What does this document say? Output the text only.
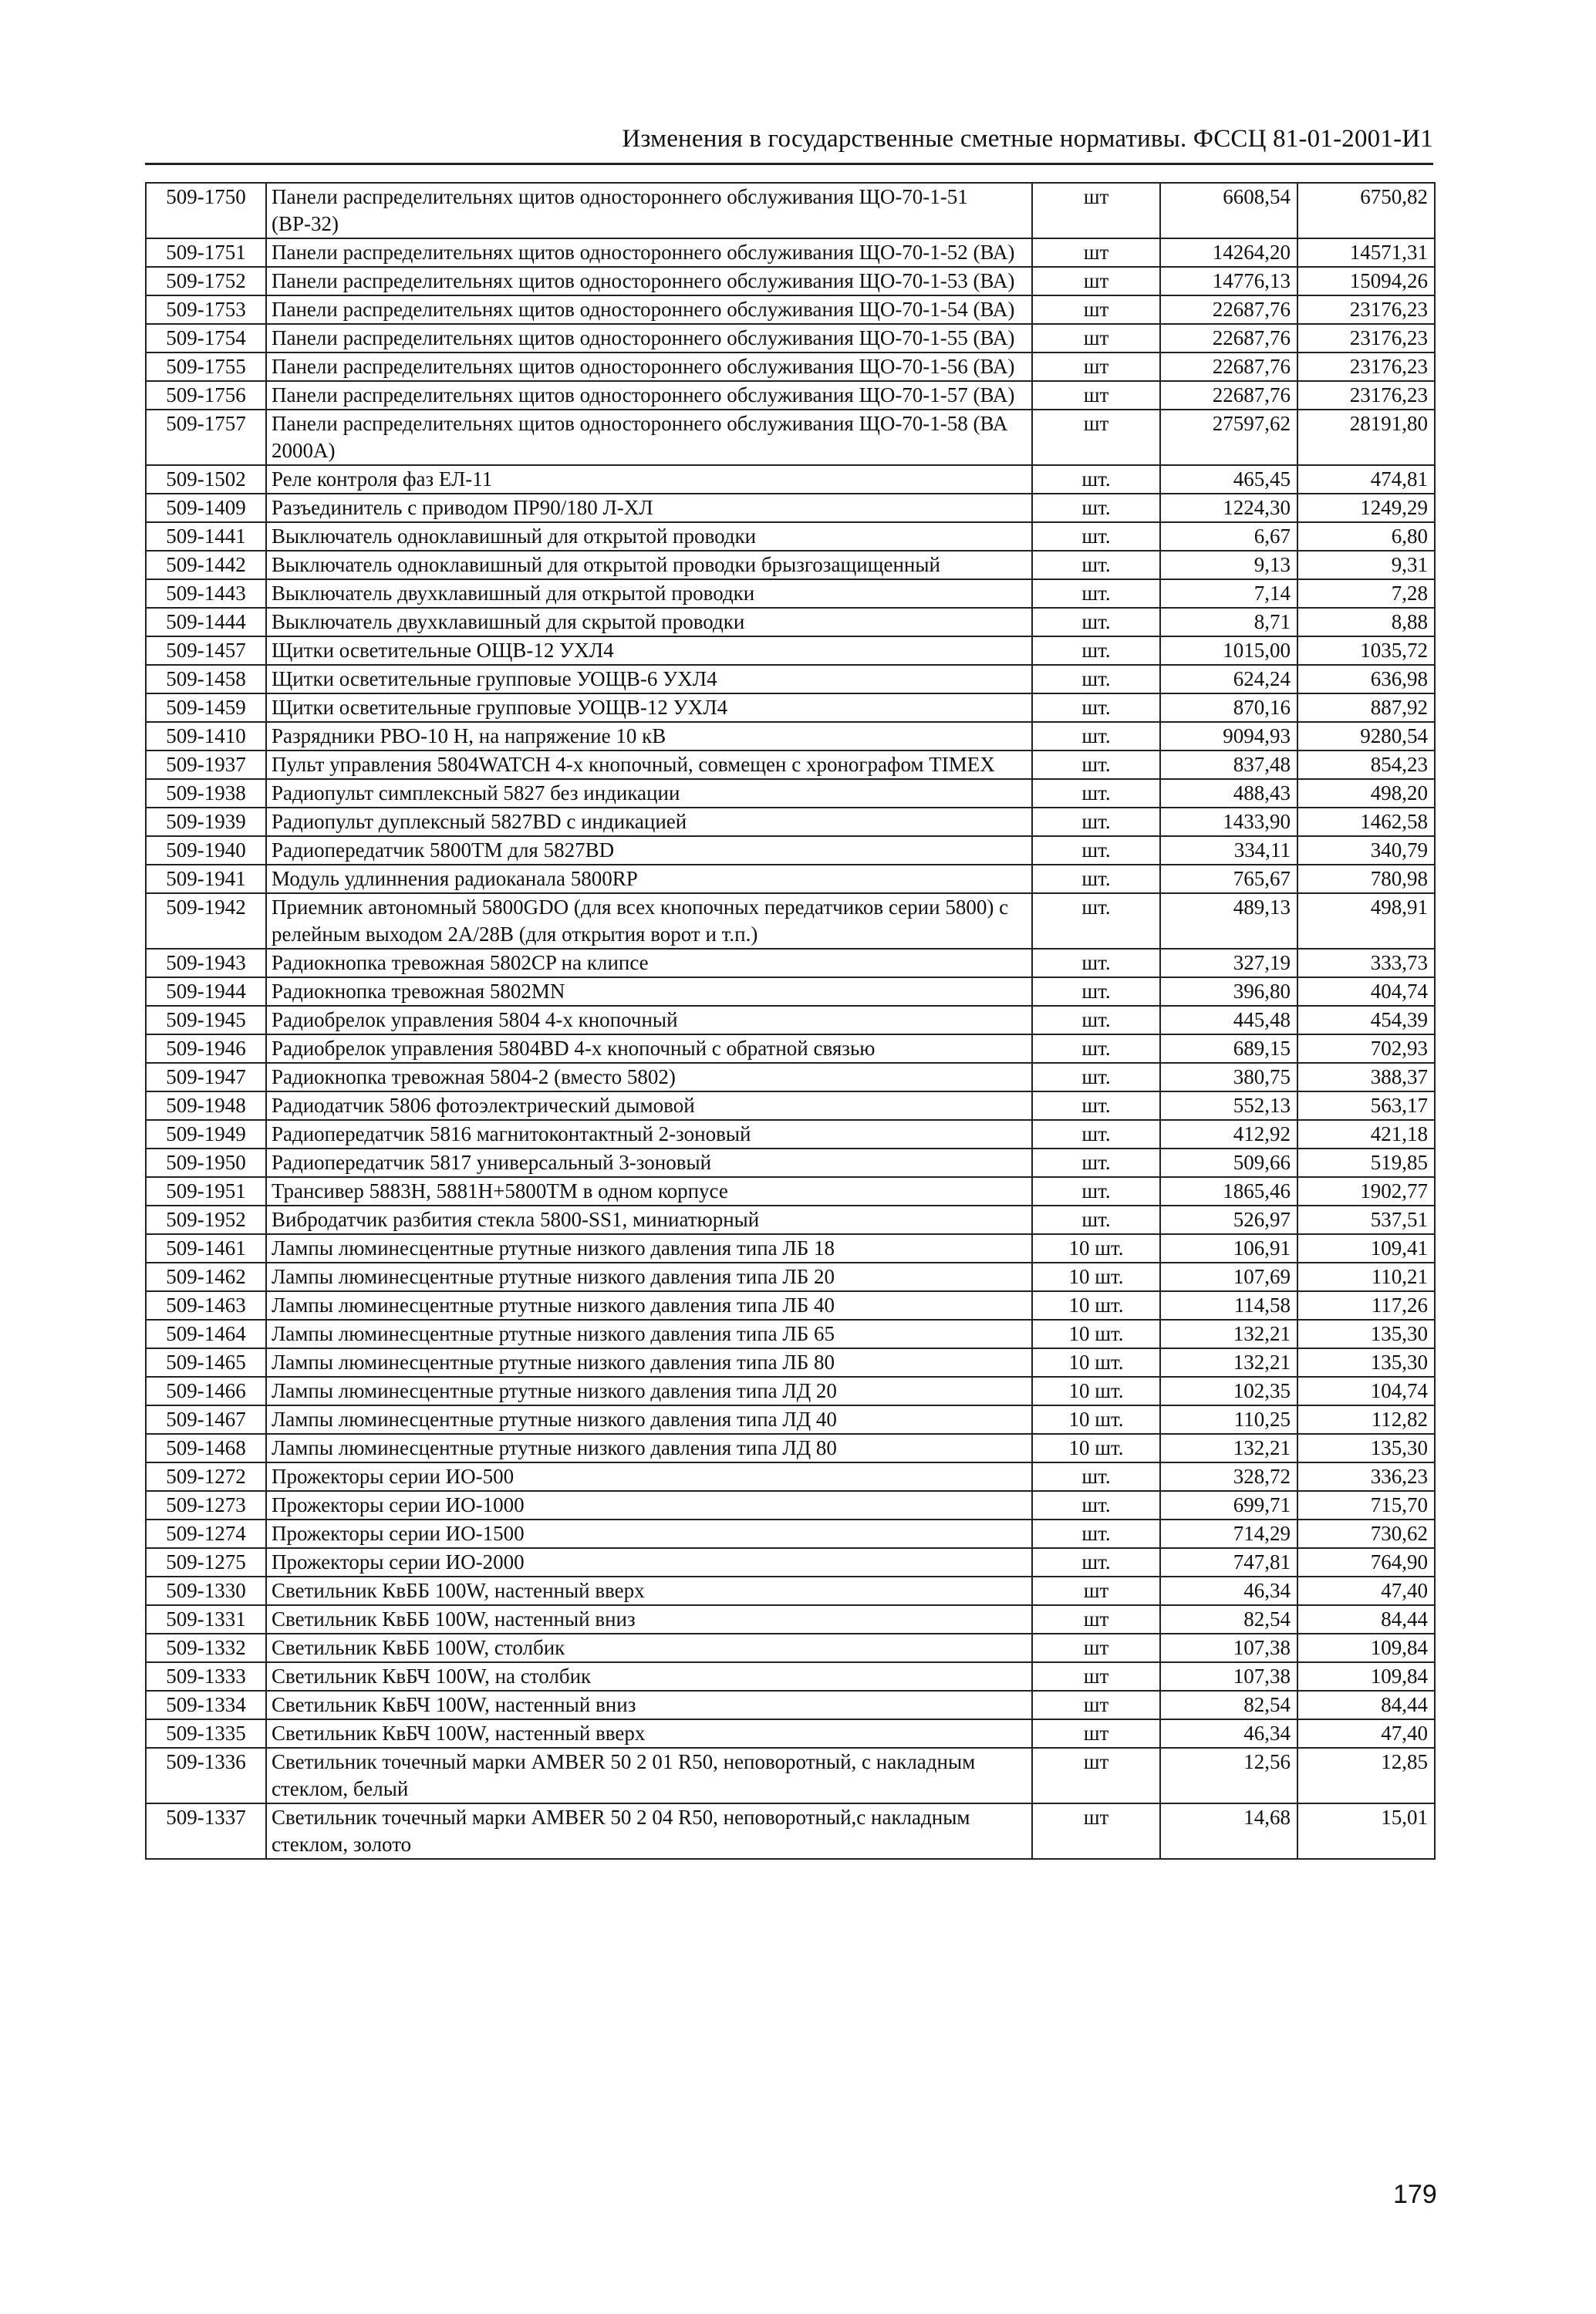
Изменения в государственные сметные нормативы. ФССЦ 81-01-2001-И1
509-1750	Панели распределительнях щитов одностороннего обслуживания ЩО-70-1-51 (ВР-32)	шт	6608,54	6750,82
509-1751	Панели распределительнях щитов одностороннего обслуживания ЩО-70-1-52 (ВА)	шт	14264,20	14571,31
509-1752	Панели распределительнях щитов одностороннего обслуживания ЩО-70-1-53 (ВА)	шт	14776,13	15094,26
509-1753	Панели распределительнях щитов одностороннего обслуживания ЩО-70-1-54 (ВА)	шт	22687,76	23176,23
509-1754	Панели распределительнях щитов одностороннего обслуживания ЩО-70-1-55 (ВА)	шт	22687,76	23176,23
509-1755	Панели распределительнях щитов одностороннего обслуживания ЩО-70-1-56 (ВА)	шт	22687,76	23176,23
509-1756	Панели распределительнях щитов одностороннего обслуживания ЩО-70-1-57 (ВА)	шт	22687,76	23176,23
509-1757	Панели распределительнях щитов одностороннего обслуживания ЩО-70-1-58 (ВА 2000А)	шт	27597,62	28191,80
509-1502	Реле контроля фаз ЕЛ-11	шт.	465,45	474,81
509-1409	Разъединитель с приводом ПР90/180 Л-ХЛ	шт.	1224,30	1249,29
509-1441	Выключатель одноклавишный для открытой проводки	шт.	6,67	6,80
509-1442	Выключатель одноклавишный для открытой проводки брызгозащищенный	шт.	9,13	9,31
509-1443	Выключатель двухклавишный для открытой проводки	шт.	7,14	7,28
509-1444	Выключатель двухклавишный для скрытой проводки	шт.	8,71	8,88
509-1457	Щитки осветительные ОЩВ-12 УХЛ4	шт.	1015,00	1035,72
509-1458	Щитки осветительные групповые УОЩВ-6 УХЛ4	шт.	624,24	636,98
509-1459	Щитки осветительные групповые УОЩВ-12 УХЛ4	шт.	870,16	887,92
509-1410	Разрядники РВО-10 Н, на напряжение 10 кВ	шт.	9094,93	9280,54
509-1937	Пульт управления 5804WATCH 4-х кнопочный, совмещен с хронографом TIMEX	шт.	837,48	854,23
509-1938	Радиопульт симплексный 5827 без индикации	шт.	488,43	498,20
509-1939	Радиопульт дуплексный 5827BD с индикацией	шт.	1433,90	1462,58
509-1940	Радиопередатчик 5800TM для 5827BD	шт.	334,11	340,79
509-1941	Модуль удлиннения радиоканала 5800RP	шт.	765,67	780,98
509-1942	Приемник автономный 5800GDO (для всех кнопочных передатчиков серии 5800) с релейным выходом 2А/28В (для открытия ворот и т.п.)	шт.	489,13	498,91
509-1943	Радиокнопка тревожная 5802CP на клипсе	шт.	327,19	333,73
509-1944	Радиокнопка тревожная 5802MN	шт.	396,80	404,74
509-1945	Радиобрелок управления 5804 4-х кнопочный	шт.	445,48	454,39
509-1946	Радиобрелок управления 5804BD 4-х кнопочный с обратной связью	шт.	689,15	702,93
509-1947	Радиокнопка тревожная 5804-2 (вместо 5802)	шт.	380,75	388,37
509-1948	Радиодатчик 5806 фотоэлектрический дымовой	шт.	552,13	563,17
509-1949	Радиопередатчик 5816 магнитоконтактный 2-зоновый	шт.	412,92	421,18
509-1950	Радиопередатчик 5817 универсальный 3-зоновый	шт.	509,66	519,85
509-1951	Трансивер 5883H, 5881H+5800TM в одном корпусе	шт.	1865,46	1902,77
509-1952	Вибродатчик разбития стекла 5800-SS1, миниатюрный	шт.	526,97	537,51
509-1461	Лампы люминесцентные ртутные низкого давления типа ЛБ 18	10 шт.	106,91	109,41
509-1462	Лампы люминесцентные ртутные низкого давления типа ЛБ 20	10 шт.	107,69	110,21
509-1463	Лампы люминесцентные ртутные низкого давления типа ЛБ 40	10 шт.	114,58	117,26
509-1464	Лампы люминесцентные ртутные низкого давления типа ЛБ 65	10 шт.	132,21	135,30
509-1465	Лампы люминесцентные ртутные низкого давления типа ЛБ 80	10 шт.	132,21	135,30
509-1466	Лампы люминесцентные ртутные низкого давления типа ЛД 20	10 шт.	102,35	104,74
509-1467	Лампы люминесцентные ртутные низкого давления типа ЛД 40	10 шт.	110,25	112,82
509-1468	Лампы люминесцентные ртутные низкого давления типа ЛД 80	10 шт.	132,21	135,30
509-1272	Прожекторы серии ИО-500	шт.	328,72	336,23
509-1273	Прожекторы серии ИО-1000	шт.	699,71	715,70
509-1274	Прожекторы серии ИО-1500	шт.	714,29	730,62
509-1275	Прожекторы серии ИО-2000	шт.	747,81	764,90
509-1330	Светильник КвББ 100W, настенный вверх	шт	46,34	47,40
509-1331	Светильник КвББ 100W, настенный вниз	шт	82,54	84,44
509-1332	Светильник КвББ 100W, столбик	шт	107,38	109,84
509-1333	Светильник КвБЧ 100W, на столбик	шт	107,38	109,84
509-1334	Светильник КвБЧ 100W, настенный вниз	шт	82,54	84,44
509-1335	Светильник КвБЧ 100W, настенный вверх	шт	46,34	47,40
509-1336	Светильник точечный марки AMBER 50 2 01 R50, неповоротный, с накладным стеклом, белый	шт	12,56	12,85
509-1337	Светильник точечный марки AMBER 50 2 04 R50, неповоротный,с накладным стеклом, золото	шт	14,68	15,01
179
